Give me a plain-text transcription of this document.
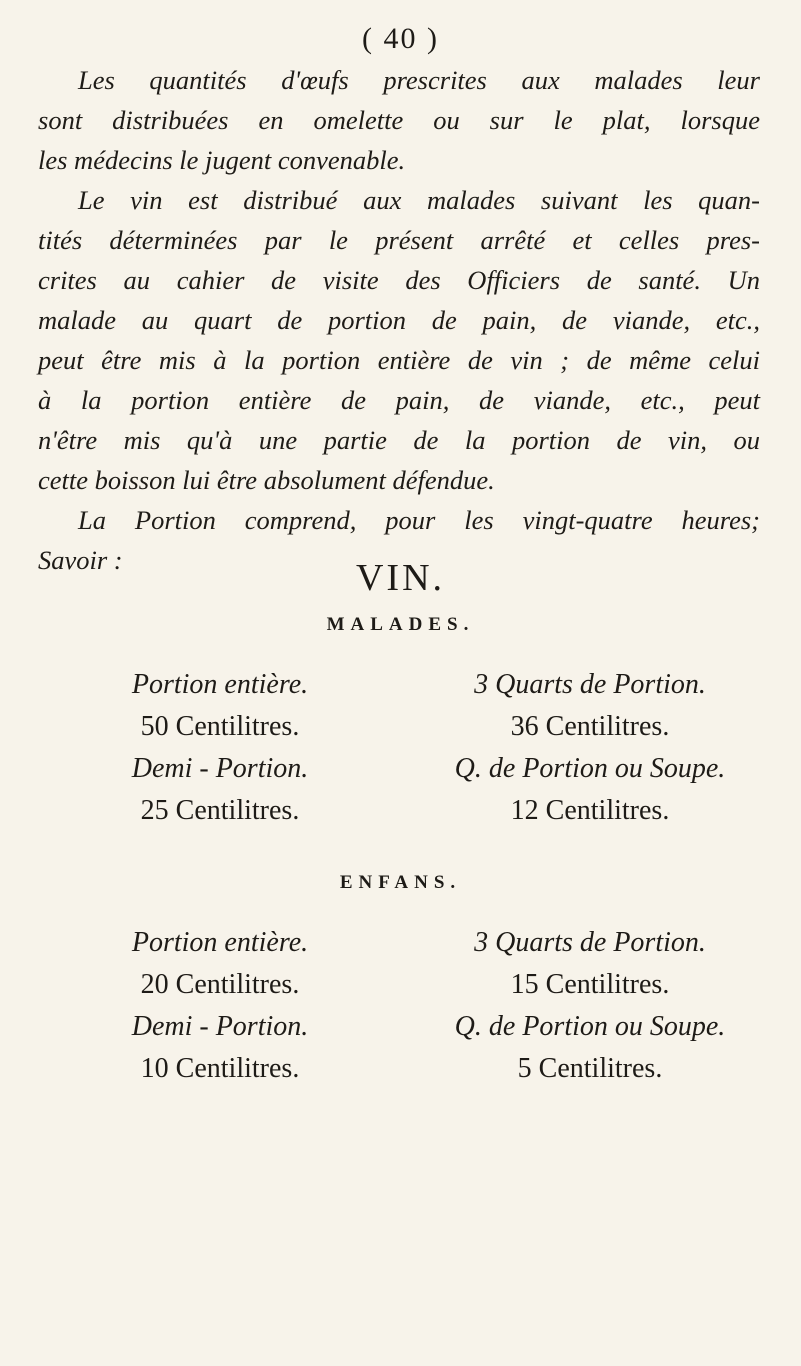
( 40 )
Les quantités d'œufs prescrites aux malades leur
sont distribuées en omelette ou sur le plat, lorsque
les médecins le jugent convenable.
Le vin est distribué aux malades suivant les quan-
tités déterminées par le présent arrêté et celles pres-
crites au cahier de visite des Officiers de santé. Un
malade au quart de portion de pain, de viande, etc.,
peut être mis à la portion entière de vin ; de même celui
à la portion entière de pain, de viande, etc., peut
n'être mis qu'à une partie de la portion de vin, ou
cette boisson lui être absolument défendue.
La Portion comprend, pour les vingt-quatre heures;
Savoir :	VIN.
MALADES.
Portion entière.	3 Quarts de Portion.
50 Centilitres.	36 Centilitres.
Demi - Portion.	Q. de Portion ou Soupe.
25 Centilitres.	12 Centilitres.
ENFANS.
Portion entière.	3 Quarts de Portion.
20 Centilitres.	15 Centilitres.
Demi - Portion.	Q. de Portion ou Soupe.
10 Centilitres.	5 Centilitres.
